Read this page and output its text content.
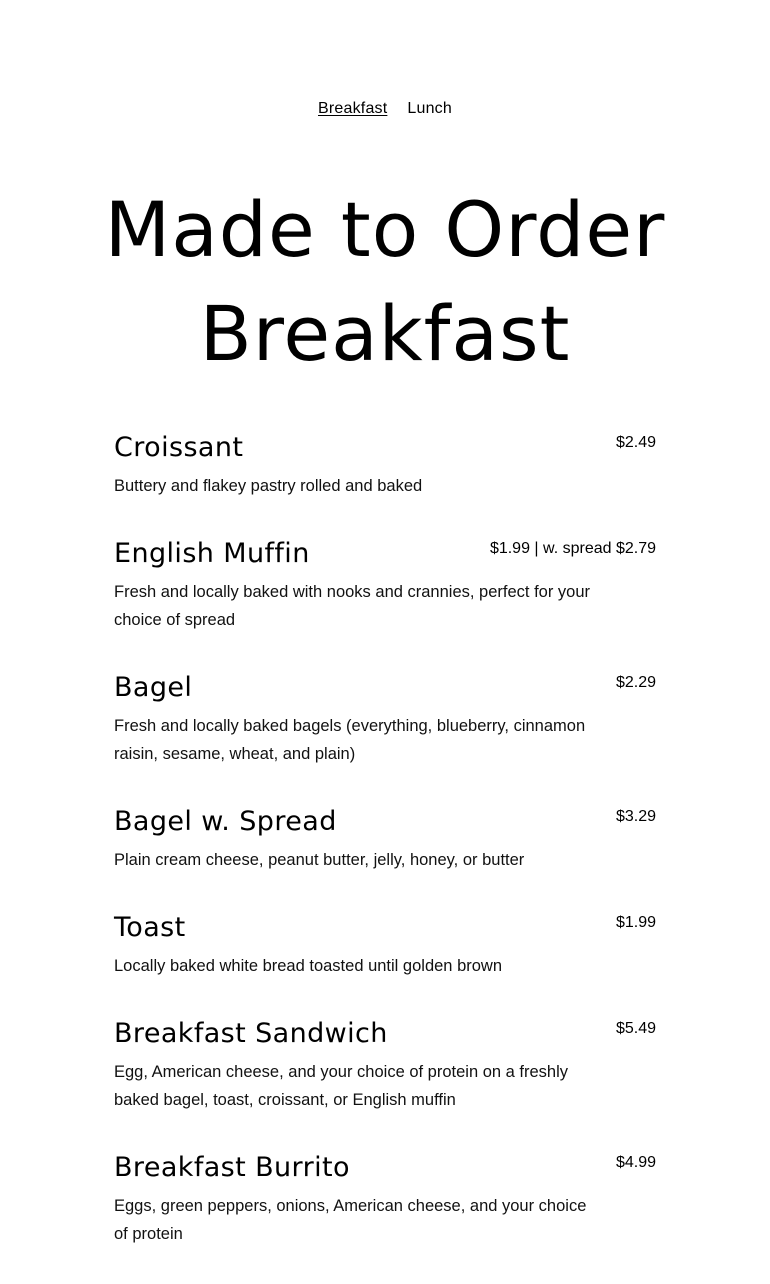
Breakfast Lunch
Made to Order
Breakfast
Croissant	$2.49
Buttery and flakey pastry rolled and baked
English Muffin	$1.99 | w. spread $2.79
Fresh and locally baked with nooks and crannies, perfect for your choice of spread
Bagel	$2.29
Fresh and locally baked bagels (everything, blueberry, cinnamon raisin, sesame, wheat, and plain)
Bagel w. Spread	$3.29
Plain cream cheese, peanut butter, jelly, honey, or butter
Toast	$1.99
Locally baked white bread toasted until golden brown
Breakfast Sandwich	$5.49
Egg, American cheese, and your choice of protein on a freshly baked bagel, toast, croissant, or English muffin
Breakfast Burrito	$4.99
Eggs, green peppers, onions, American cheese, and your choice of protein
